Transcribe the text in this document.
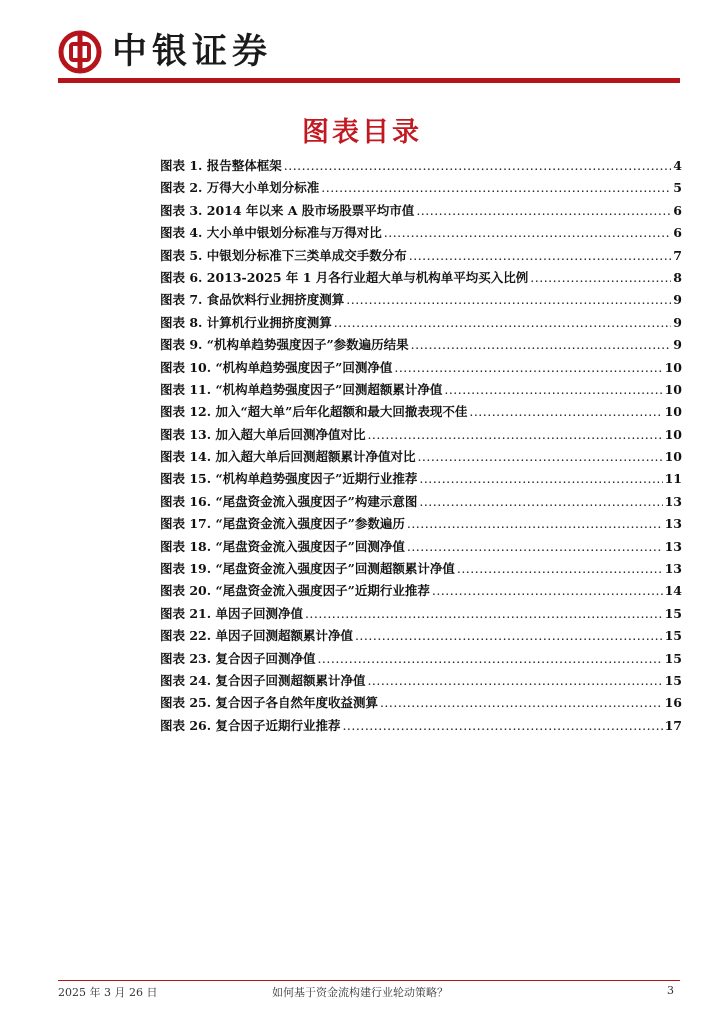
中银证券
图表目录
图表 1. 报告整体框架 .....	4
图表 2. 万得大小单划分标准 .....	5
图表 3. 2014 年以来 A 股市场股票平均市值 .....	6
图表 4. 大小单中银划分标准与万得对比 .....	6
图表 5. 中银划分标准下三类单成交手数分布 .....	7
图表 6. 2013-2025 年 1 月各行业超大单与机构单平均买入比例 .....	8
图表 7. 食品饮料行业拥挤度测算 .....	9
图表 8. 计算机行业拥挤度测算 .....	9
图表 9. “机构单趋势强度因子”参数遍历结果 .....	9
图表 10. “机构单趋势强度因子”回测净值 .....	10
图表 11. “机构单趋势强度因子”回测超额累计净值 .....	10
图表 12. 加入“超大单”后年化超额和最大回撤表现不佳 .....	10
图表 13. 加入超大单后回测净值对比 .....	10
图表 14. 加入超大单后回测超额累计净值对比 .....	10
图表 15. “机构单趋势强度因子”近期行业推荐 .....	11
图表 16. “尾盘资金流入强度因子”构建示意图 .....	13
图表 17. “尾盘资金流入强度因子”参数遍历 .....	13
图表 18. “尾盘资金流入强度因子”回测净值 .....	13
图表 19. “尾盘资金流入强度因子”回测超额累计净值 .....	13
图表 20. “尾盘资金流入强度因子”近期行业推荐 .....	14
图表 21. 单因子回测净值 .....	15
图表 22. 单因子回测超额累计净值 .....	15
图表 23. 复合因子回测净值 .....	15
图表 24. 复合因子回测超额累计净值 .....	15
图表 25. 复合因子各自然年度收益测算 .....	16
图表 26. 复合因子近期行业推荐 .....	17
2025 年 3 月 26 日	如何基于资金流构建行业轮动策略？	3
